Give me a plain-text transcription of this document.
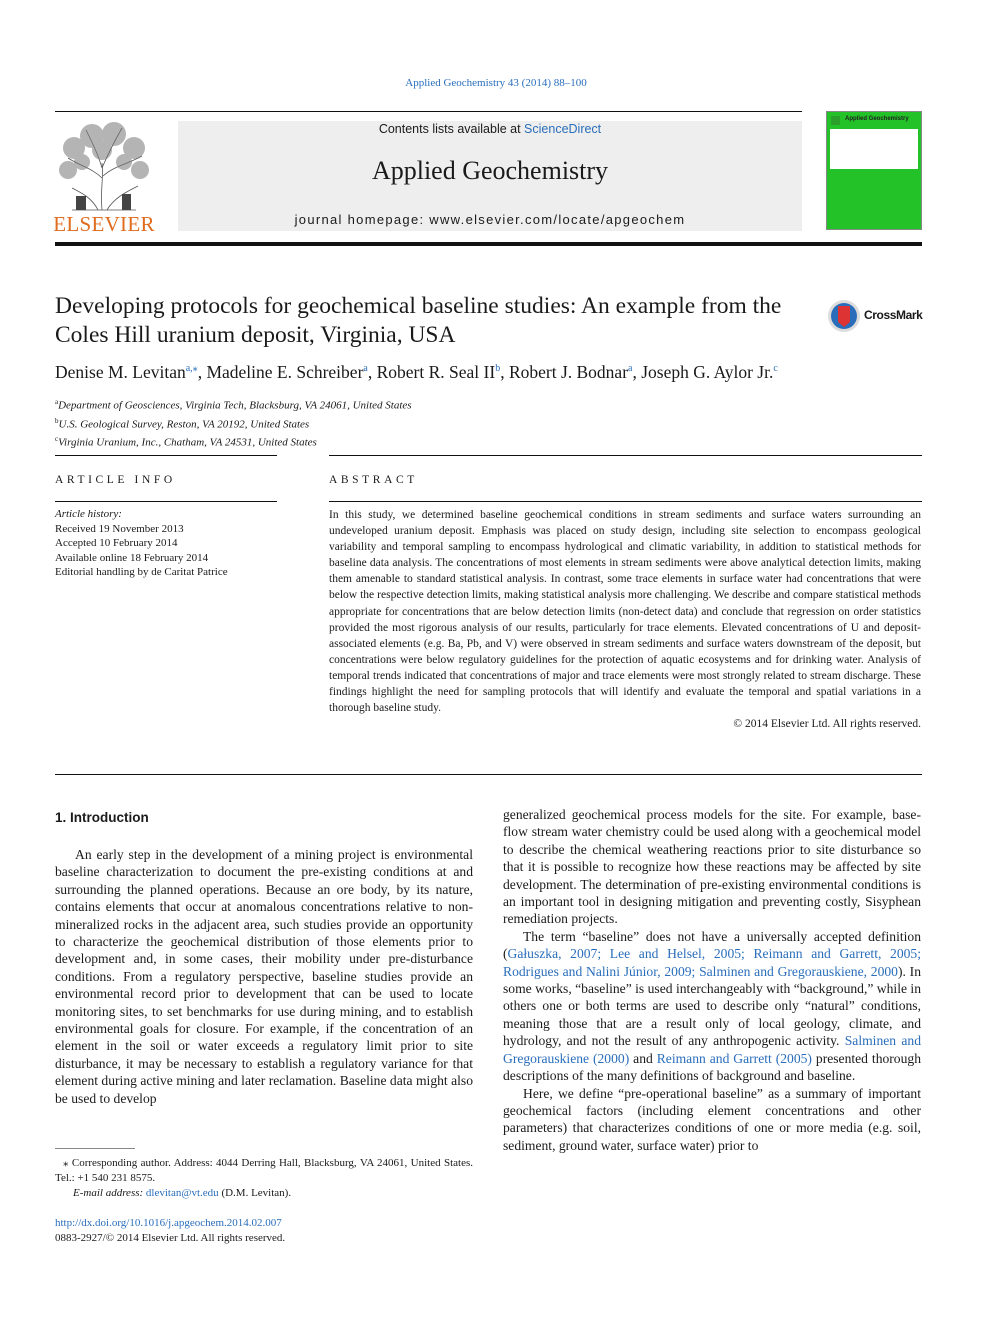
Applied Geochemistry 43 (2014) 88–100
Contents lists available at ScienceDirect
Applied Geochemistry
journal homepage: www.elsevier.com/locate/apgeochem
ELSEVIER
Applied Geochemistry
Developing protocols for geochemical baseline studies: An example from the Coles Hill uranium deposit, Virginia, USA
CrossMark
Denise M. Levitan$^{a,⁎}$, Madeline E. Schreiber$^a$, Robert R. Seal $II^b$, Robert J. Bodnar$^a$, Joseph G. Aylor Jr.$^c$
$^a$Department of Geosciences, Virginia Tech, Blacksburg, VA 24061, United States
$^b$U.S. Geological Survey, Reston, VA 20192, United States
$^c$Virginia Uranium, Inc., Chatham, VA 24531, United States
ARTICLE INFO	ABSTRACT
Article history:
Received 19 November 2013
Accepted 10 February 2014
Available online 18 February 2014
Editorial handling by de Caritat Patrice
In this study, we determined baseline geochemical conditions in stream sediments and surface waters surrounding an undeveloped uranium deposit. Emphasis was placed on study design, including site selection to encompass geological variability and temporal sampling to encompass hydrological and climatic variability, in addition to statistical methods for baseline data analysis. The concentrations of most elements in stream sediments were above analytical detection limits, making them amenable to standard statistical analysis. In contrast, some trace elements in surface water had concentrations that were below the respective detection limits, making statistical analysis more challenging. We describe and compare statistical methods appropriate for concentrations that are below detection limits (non-detect data) and conclude that regression on order statistics provided the most rigorous analysis of our results, particularly for trace elements. Elevated concentrations of U and deposit-associated elements (e.g. Ba, Pb, and V) were observed in stream sediments and surface waters downstream of the deposit, but concentrations were below regulatory guidelines for the protection of aquatic ecosystems and for drinking water. Analysis of temporal trends indicated that concentrations of major and trace elements were most strongly related to stream discharge. These findings highlight the need for sampling protocols that will identify and evaluate the temporal and spatial variations in a thorough baseline study.
© 2014 Elsevier Ltd. All rights reserved.
1. Introduction

An early step in the development of a mining project is environmental baseline characterization to document the pre-existing conditions at and surrounding the planned operations. Because an ore body, by its nature, contains elements that occur at anomalous concentrations relative to non-mineralized rocks in the adjacent area, such studies provide an opportunity to characterize the geochemical distribution of those elements prior to development and, in some cases, their mobility under pre-disturbance conditions. From a regulatory perspective, baseline studies provide an environmental record prior to development that can be used to locate monitoring sites, to set benchmarks for use during mining, and to establish environmental goals for closure. For example, if the concentration of an element in the soil or water exceeds a regulatory limit prior to site disturbance, it may be necessary to establish a regulatory variance for that element during active mining and later reclamation. Baseline data might also be used to develop

generalized geochemical process models for the site. For example, base-flow stream water chemistry could be used along with a geochemical model to describe the chemical weathering reactions prior to site disturbance so that it is possible to recognize how these reactions may be affected by site development. The determination of pre-existing environmental conditions is an important tool in designing mitigation and preventing costly, Sisyphean remediation projects.

The term “baseline” does not have a universally accepted definition (Gałuszka, 2007; Lee and Helsel, 2005; Reimann and Garrett, 2005; Rodrigues and Nalini Júnior, 2009; Salminen and Gregorauskiene, 2000). In some works, “baseline” is used interchangeably with “background,” while in others one or both terms are used to describe only “natural” conditions, meaning those that are a result only of local geology, climate, and hydrology, and not the result of any anthropogenic activity. Salminen and Gregorauskiene (2000) and Reimann and Garrett (2005) presented thorough descriptions of the many definitions of background and baseline.

Here, we define “pre-operational baseline” as a summary of important geochemical factors (including element concentrations and other parameters) that characterizes conditions of one or more media (e.g. soil, sediment, ground water, surface water) prior to

⁎ Corresponding author. Address: 4044 Derring Hall, Blacksburg, VA 24061, United States. Tel.: +1 540 231 8575.
E-mail address: dlevitan@vt.edu (D.M. Levitan).
http://dx.doi.org/10.1016/j.apgeochem.2014.02.007
0883-2927/© 2014 Elsevier Ltd. All rights reserved.
